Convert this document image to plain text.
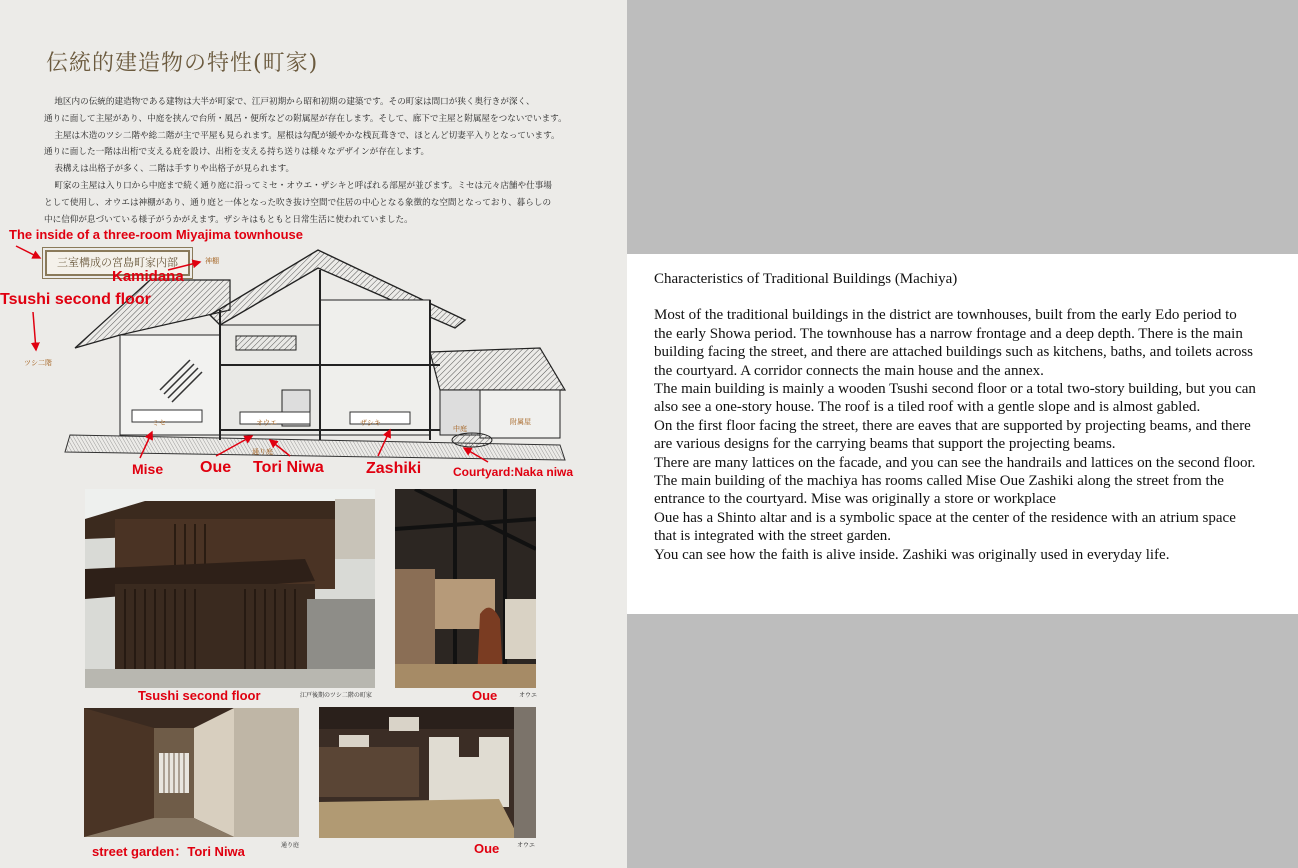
伝統的建造物の特性(町家)

地区内の伝統的建造物である建物は大半が町家で、江戸初期から昭和初期の建築です。その町家は間口が狭く奥行きが深く、

通りに面して主屋があり、中庭を挟んで台所・風呂・便所などの附属屋が存在します。そして、廊下で主屋と附属屋をつないでいます。

主屋は木造のツシ二階や総二階が主で平屋も見られます。屋根は勾配が緩やかな桟瓦葺きで、ほとんど切妻平入りとなっています。

通りに面した一階は出桁で支える庇を設け、出桁を支える持ち送りは様々なデザインが存在します。

表構えは出格子が多く、二階は手すりや出格子が見られます。

町家の主屋は入り口から中庭まで続く通り庭に沿ってミセ・オウエ・ザシキと呼ばれる部屋が並びます。ミセは元々店舗や仕事場

として使用し、オウエは神棚があり、通り庭と一体となった吹き抜け空間で住居の中心となる象徴的な空間となっており、暮らしの

中に信仰が息づいている様子がうかがえます。ザシキはもともと日常生活に使われていました。

三室構成の宮島町家内部	神棚
ツシ二階
ミセ	オウエ	ザシキ
通り庭
中庭
附属屋
The inside of a three-room Miyajima townhouse
Kamidana
Tsushi second floor
Mise Oue Tori Niwa	Zashiki	Courtyard:Naka niwa
Tsushi second floor	江戸後期のツシ二階の町家	Oue	オウエ
street garden：Tori Niwa	通り庭	Oue	オウエ

Characteristics of Traditional Buildings (Machiya)

Most of the traditional buildings in the district are townhouses, built from the early Edo period to

the early Showa period. The townhouse has a narrow frontage and a deep depth. There is the main

building facing the street, and there are attached buildings such as kitchens, baths, and toilets across

the courtyard. A corridor connects the main house and the annex.

The main building is mainly a wooden Tsushi second floor or a total two-story building, but you can

also see a one-story house. The roof is a tiled roof with a gentle slope and is almost gabled.

On the first floor facing the street, there are eaves that are supported by projecting beams, and there

are various designs for the carrying beams that support the projecting beams.

There are many lattices on the facade, and you can see the handrails and lattices on the second floor.

The main building of the machiya has rooms called Mise Oue Zashiki along the street from the

entrance to the courtyard. Mise was originally a store or workplace

Oue has a Shinto altar and is a symbolic space at the center of the residence with an atrium space

that is integrated with the street garden.

You can see how the faith is alive inside. Zashiki was originally used in everyday life.
